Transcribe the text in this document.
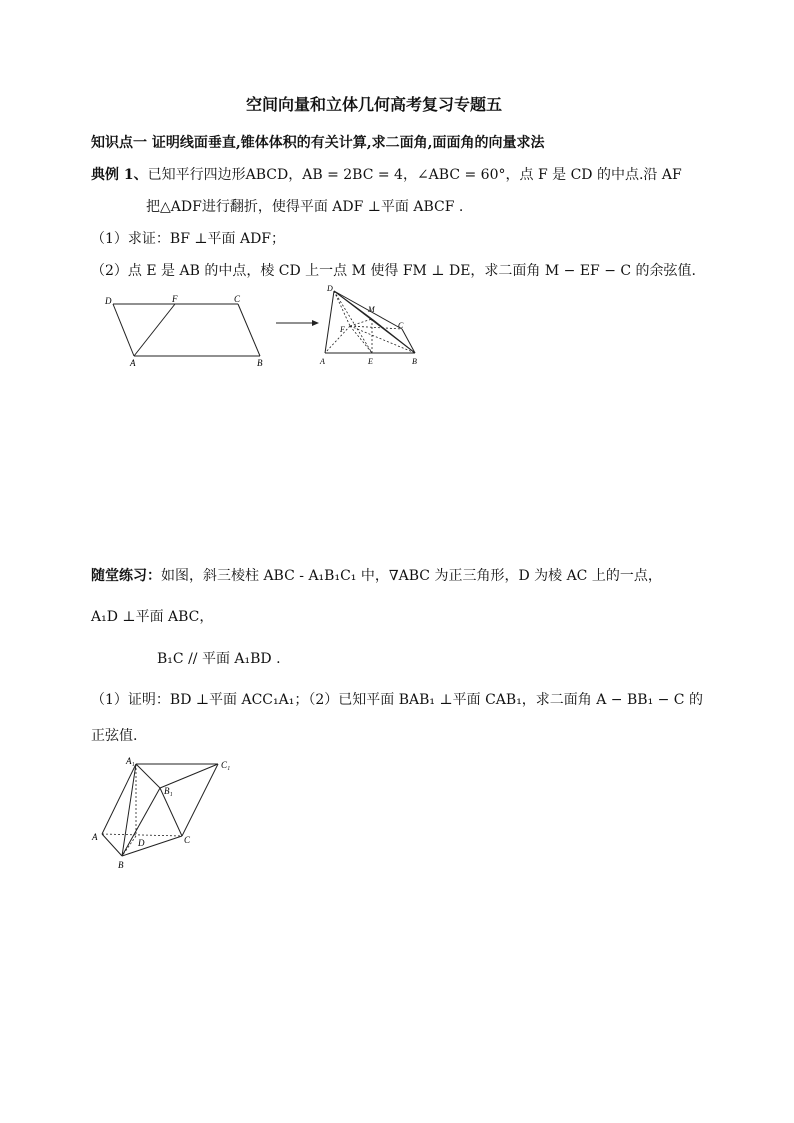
空间向量和立体几何高考复习专题五
知识点一 证明线面垂直,锥体体积的有关计算,求二面角,面面角的向量求法
典例 1、已知平行四边形ABCD，AB = 2BC = 4，∠ABC = 60°，点 F 是 CD 的中点.沿 AF
把△ADF进行翻折，使得平面 ADF ⊥平面 ABCF .
（1）求证：BF ⊥平面 ADF；
（2）点 E 是 AB 的中点，棱 CD 上一点 M 使得 FM ⊥ DE，求二面角 M − EF − C 的余弦值.
D	F	C
A	B
D
M
F	C
A	E	B
随堂练习：如图，斜三棱柱 ABC - A₁B₁C₁ 中，∇ABC 为正三角形，D 为棱 AC 上的一点，
A₁D ⊥平面 ABC，
B₁C // 平面 A₁BD .
（1）证明：BD ⊥平面 ACC₁A₁；（2）已知平面 BAB₁ ⊥平面 CAB₁，求二面角 A − BB₁ − C 的
正弦值.
A₁	C₁
B₁
A
D	C
B
